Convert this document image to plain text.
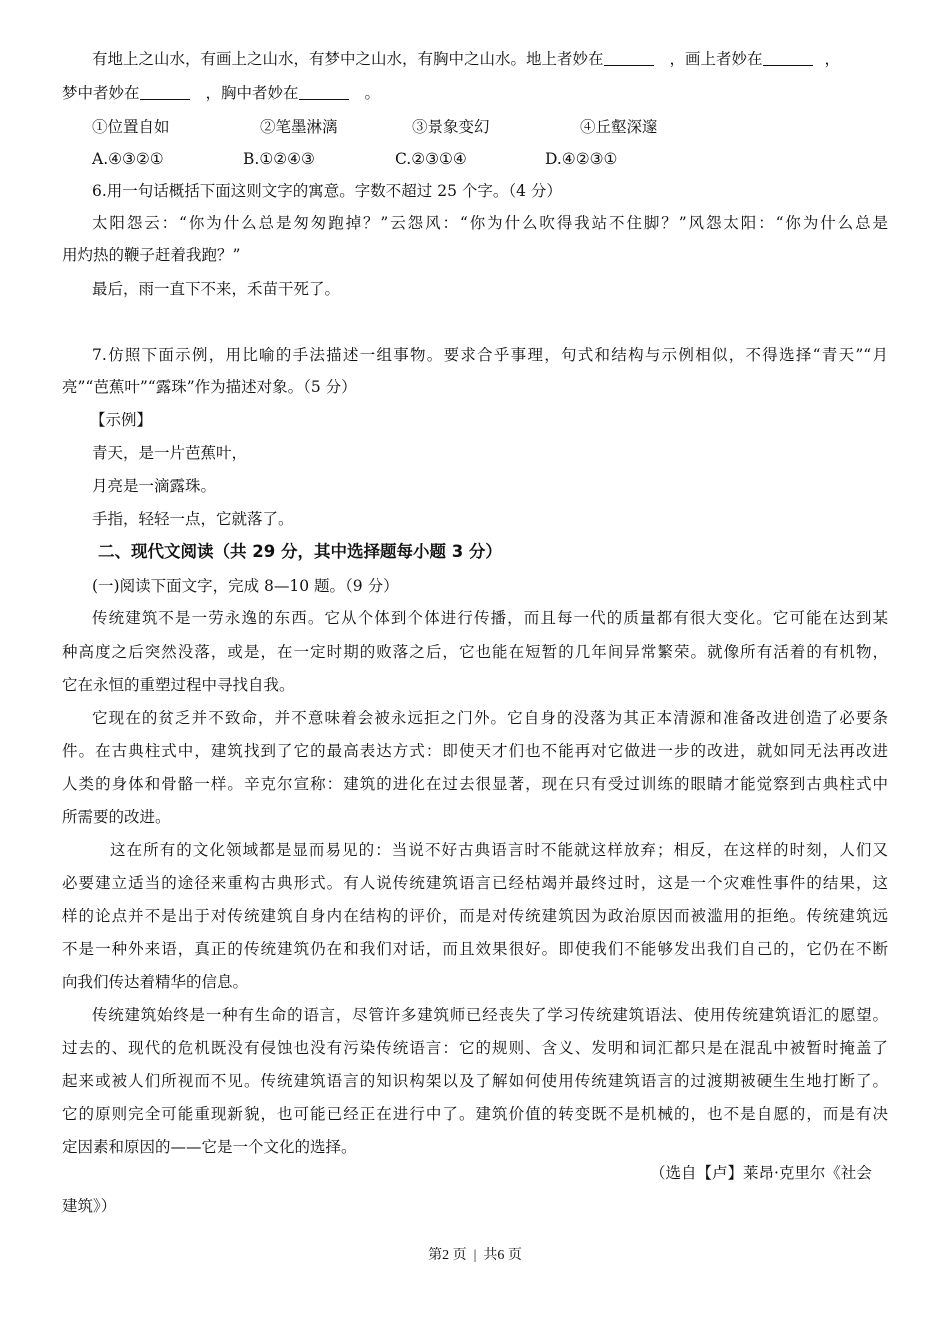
有地上之山水，有画上之山水，有梦中之山水，有胸中之山水。地上者妙在	，画上者妙在	，
梦中者妙在	，胸中者妙在	。
①位置自如	②笔墨淋漓	③景象变幻	④丘壑深邃
A.④③②①	B.①②④③	C.②③①④	D.④②③①
6.用一句话概括下面这则文字的寓意。字数不超过 25 个字。（4 分）
太阳怨云：“你为什么总是匆匆跑掉？”云怨风：“你为什么吹得我站不住脚？”风怨太阳：“你为什么总是
用灼热的鞭子赶着我跑？”
最后，雨一直下不来，禾苗干死了。
7.仿照下面示例，用比喻的手法描述一组事物。要求合乎事理，句式和结构与示例相似，不得选择“青天”“月
亮”“芭蕉叶”“露珠”作为描述对象。（5 分）
【示例】
青天，是一片芭蕉叶，
月亮是一滴露珠。
手指，轻轻一点，它就落了。
二、现代文阅读（共 29 分，其中选择题每小题 3 分）
(一)阅读下面文字，完成 8—10 题。（9 分）
传统建筑不是一劳永逸的东西。它从个体到个体进行传播，而且每一代的质量都有很大变化。它可能在达到某
种高度之后突然没落，或是，在一定时期的败落之后，它也能在短暂的几年间异常繁荣。就像所有活着的有机物，
它在永恒的重塑过程中寻找自我。
它现在的贫乏并不致命，并不意味着会被永远拒之门外。它自身的没落为其正本清源和准备改进创造了必要条
件。在古典柱式中，建筑找到了它的最高表达方式：即使天才们也不能再对它做进一步的改进，就如同无法再改进
人类的身体和骨骼一样。辛克尔宣称：建筑的进化在过去很显著，现在只有受过训练的眼睛才能觉察到古典柱式中
所需要的改进。
这在所有的文化领域都是显而易见的：当说不好古典语言时不能就这样放弃；相反，在这样的时刻，人们又
必要建立适当的途径来重构古典形式。有人说传统建筑语言已经枯竭并最终过时，这是一个灾难性事件的结果，这
样的论点并不是出于对传统建筑自身内在结构的评价，而是对传统建筑因为政治原因而被滥用的拒绝。传统建筑远
不是一种外来语，真正的传统建筑仍在和我们对话，而且效果很好。即使我们不能够发出我们自己的，它仍在不断
向我们传达着精华的信息。
传统建筑始终是一种有生命的语言，尽管许多建筑师已经丧失了学习传统建筑语法、使用传统建筑语汇的愿望。
过去的、现代的危机既没有侵蚀也没有污染传统语言：它的规则、含义、发明和词汇都只是在混乱中被暂时掩盖了
起来或被人们所视而不见。传统建筑语言的知识构架以及了解如何使用传统建筑语言的过渡期被硬生生地打断了。
它的原则完全可能重现新貌，也可能已经正在进行中了。建筑价值的转变既不是机械的，也不是自愿的，而是有决
定因素和原因的——它是一个文化的选择。
（选自【卢】莱昂·克里尔《社会
建筑》）
第2 页 | 共6 页
